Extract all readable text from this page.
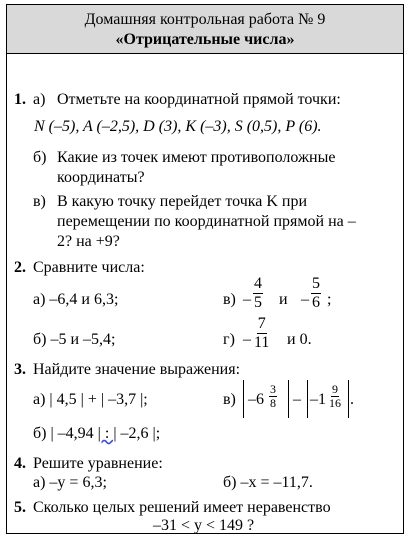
Домашняя контрольная работа № 9
«Отрицательные числа»
1. а) Отметьте на координатной прямой точки:
N (–5), A (–2,5), D (3), K (–3), S (0,5), P (6).
б) Какие из точек имеют противоположные
координаты?
в) В какую точку перейдет точка K при
перемещении по координатной прямой на –
2? на +9?
2. Сравните числа:
а) –6,4 и 6,3;	$в) - \frac{4}{5}$ и – $\frac{5}{6}$ ;
б) –5 и –5,4;	$г) - \frac{7}{11}$ и 0.
3. Найдите значение выражения:
а) | 4,5 | + | –3,7 |;	в) $-6 \frac{3}{8} - -1 \frac{9}{16}$ .
б) | –4,94 | : | –2,6 |;
4. Решите уравнение:
а) –y = 6,3;	б) –x = –11,7.
5. Сколько целых решений имеет неравенство
–31 < y < 149 ?
